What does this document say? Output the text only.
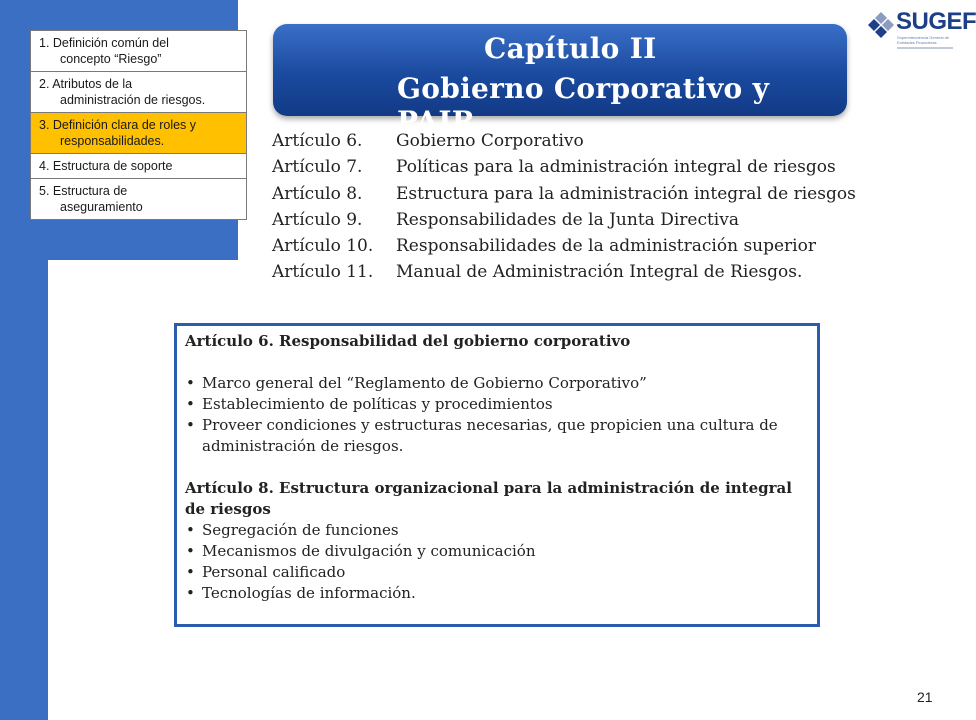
1. Definición común del
concepto “Riesgo”
2. Atributos de la
administración de riesgos.
3. Definición clara de roles y
responsabilidades.
4. Estructura de soporte
5. Estructura de
aseguramiento
Capítulo II
Gobierno Corporativo y PAIR
SUGEF
Superintendencia General de Entidades Financieras
Artículo 6.	Gobierno Corporativo
Artículo 7.	Políticas para la administración integral de riesgos
Artículo 8.	Estructura para la administración integral de riesgos
Artículo 9.	Responsabilidades de la Junta Directiva
Artículo 10.	Responsabilidades de la administración superior
Artículo 11.	Manual de Administración Integral de Riesgos.
Artículo 6. Responsabilidad del gobierno corporativo
• Marco general del “Reglamento de Gobierno Corporativo”
• Establecimiento de políticas y procedimientos
• Proveer condiciones y estructuras necesarias, que propicien una cultura de
administración de riesgos.
Artículo 8. Estructura organizacional para la administración de integral
de riesgos
• Segregación de funciones
• Mecanismos de divulgación y comunicación
• Personal calificado
• Tecnologías de información.
21
